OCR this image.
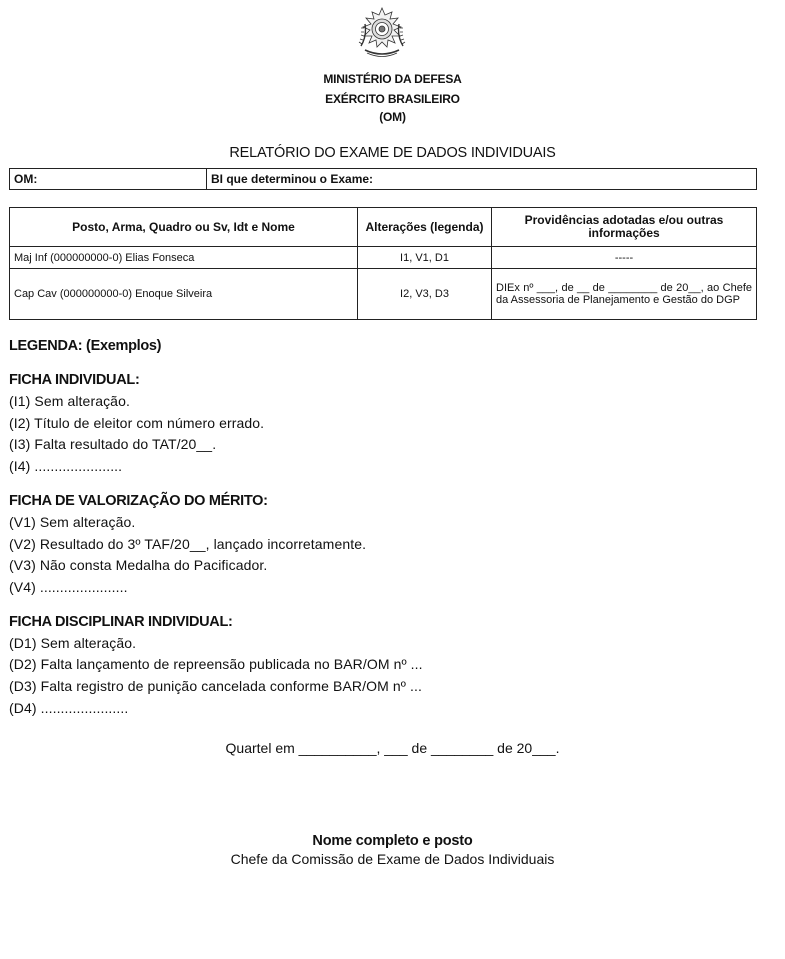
MINISTÉRIO DA DEFESA
EXÉRCITO BRASILEIRO
(OM)
RELATÓRIO DO EXAME DE DADOS INDIVIDUAIS
OM:	BI que determinou o Exame:
Posto, Arma, Quadro ou Sv, Idt e Nome	Alterações (legenda)	Providências adotadas e/ou outras informações
Maj Inf (000000000-0) Elias Fonseca	I1, V1, D1	-----
Cap Cav (000000000-0) Enoque Silveira	I2, V3, D3	DIEx nº ___, de __ de ________ de 20__, ao Chefe da Assessoria de Planejamento e Gestão do DGP
LEGENDA: (Exemplos)
FICHA INDIVIDUAL:
(I1) Sem alteração.
(I2) Título de eleitor com número errado.
(I3) Falta resultado do TAT/20__.
(I4) ......................
FICHA DE VALORIZAÇÃO DO MÉRITO:
(V1) Sem alteração.
(V2) Resultado do 3º TAF/20__, lançado incorretamente.
(V3) Não consta Medalha do Pacificador.
(V4) ......................
FICHA DISCIPLINAR INDIVIDUAL:
(D1) Sem alteração.
(D2) Falta lançamento de repreensão publicada no BAR/OM nº ...
(D3) Falta registro de punição cancelada conforme BAR/OM nº ...
(D4) ......................
Quartel em __________, ___ de ________ de 20___.
Nome completo e posto
Chefe da Comissão de Exame de Dados Individuais
